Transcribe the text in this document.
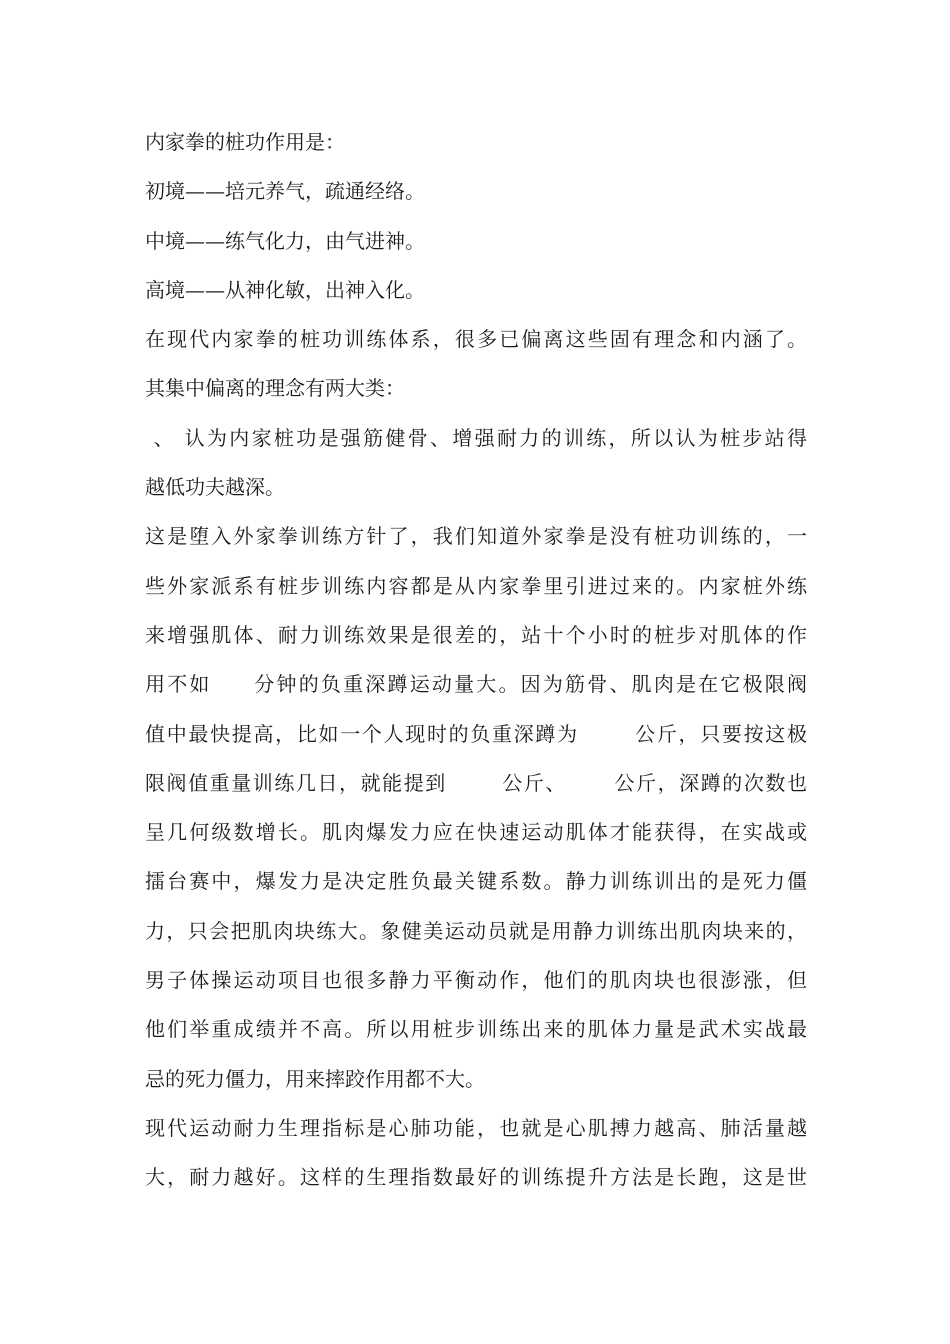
内家拳的桩功作用是：
初境——培元养气，疏通经络。
中境——练气化力，由气进神。
高境——从神化敏，出神入化。
在现代内家拳的桩功训练体系，很多已偏离这些固有理念和内涵了。
其集中偏离的理念有两大类：
、 认为内家桩功是强筋健骨、增强耐力的训练，所以认为桩步站得
越低功夫越深。
这是堕入外家拳训练方针了，我们知道外家拳是没有桩功训练的，一
些外家派系有桩步训练内容都是从内家拳里引进过来的。内家桩外练
来增强肌体、耐力训练效果是很差的，站十个小时的桩步对肌体的作
用不如     分钟的负重深蹲运动量大。因为筋骨、肌肉是在它极限阀
值中最快提高，比如一个人现时的负重深蹲为       公斤，只要按这极
限阀值重量训练几日，就能提到       公斤、      公斤，深蹲的次数也
呈几何级数增长。肌肉爆发力应在快速运动肌体才能获得，在实战或
擂台赛中，爆发力是决定胜负最关键系数。静力训练训出的是死力僵
力，只会把肌肉块练大。象健美运动员就是用静力训练出肌肉块来的，
男子体操运动项目也很多静力平衡动作，他们的肌肉块也很澎涨，但
他们举重成绩并不高。所以用桩步训练出来的肌体力量是武术实战最
忌的死力僵力，用来摔跤作用都不大。
现代运动耐力生理指标是心肺功能，也就是心肌搏力越高、肺活量越
大，耐力越好。这样的生理指数最好的训练提升方法是长跑，这是世
